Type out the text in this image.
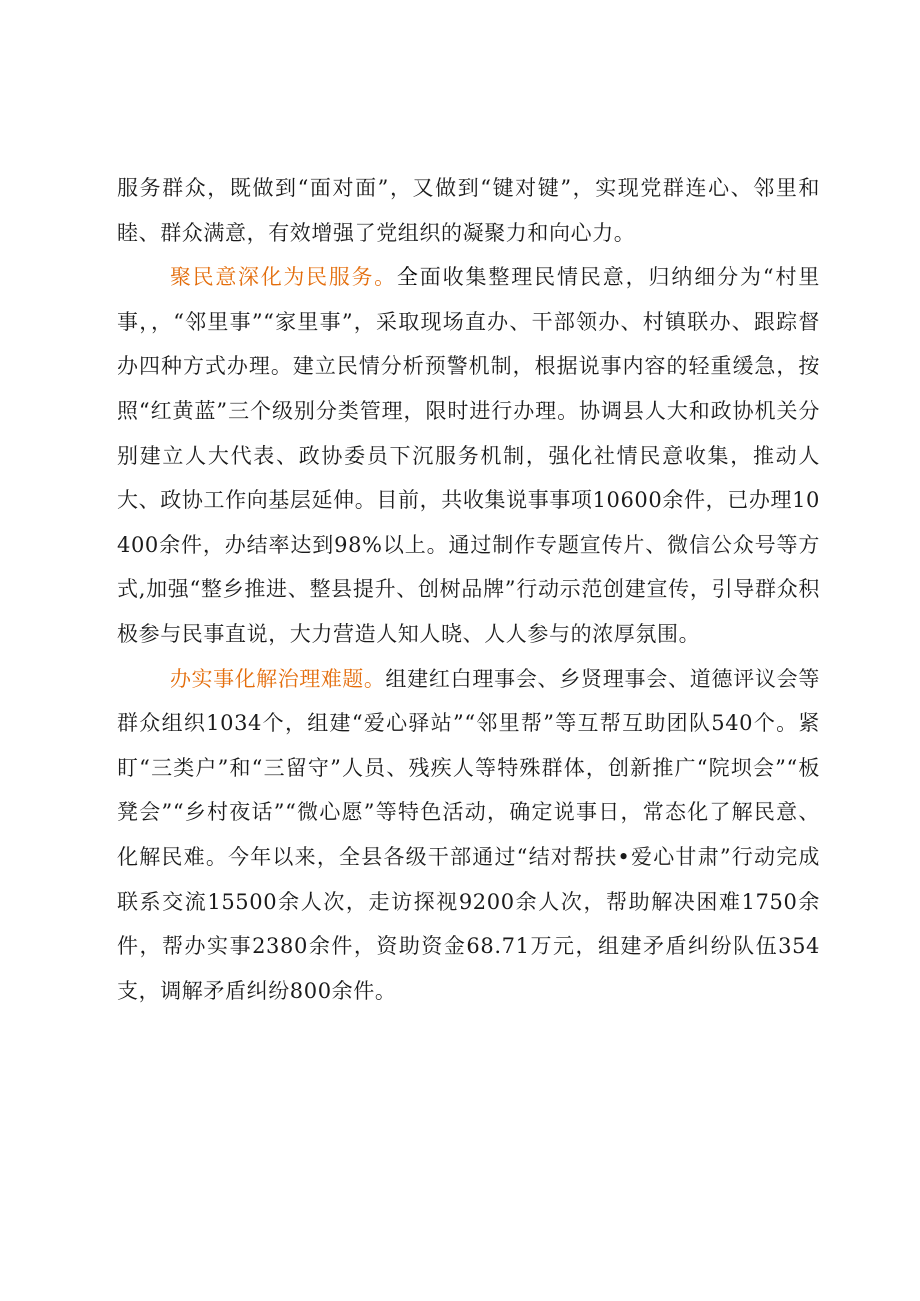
服务群众，既做到“面对面”，又做到“键对键”，实现党群连心、邻里和睦、群众满意，有效增强了党组织的凝聚力和向心力。

聚民意深化为民服务。全面收集整理民情民意，归纳细分为“村里事，，“邻里事”“家里事”，采取现场直办、干部领办、村镇联办、跟踪督办四种方式办理。建立民情分析预警机制，根据说事内容的轻重缓急，按照“红黄蓝”三个级别分类管理，限时进行办理。协调县人大和政协机关分别建立人大代表、政协委员下沉服务机制，强化社情民意收集，推动人大、政协工作向基层延伸。目前，共收集说事事项10600余件，已办理10400余件，办结率达到98%以上。通过制作专题宣传片、微信公众号等方式,加强“整乡推进、整县提升、创树品牌”行动示范创建宣传，引导群众积极参与民事直说，大力营造人知人晓、人人参与的浓厚氛围。

办实事化解治理难题。组建红白理事会、乡贤理事会、道德评议会等群众组织1034个，组建“爱心驿站”“邻里帮”等互帮互助团队540个。紧盯“三类户”和“三留守”人员、残疾人等特殊群体，创新推广“院坝会”“板凳会”“乡村夜话”“微心愿”等特色活动，确定说事日，常态化了解民意、化解民难。今年以来，全县各级干部通过“结对帮扶•爱心甘肃”行动完成联系交流15500余人次，走访探视9200余人次，帮助解决困难1750余件，帮办实事2380余件，资助资金68.71万元，组建矛盾纠纷队伍354支，调解矛盾纠纷800余件。
